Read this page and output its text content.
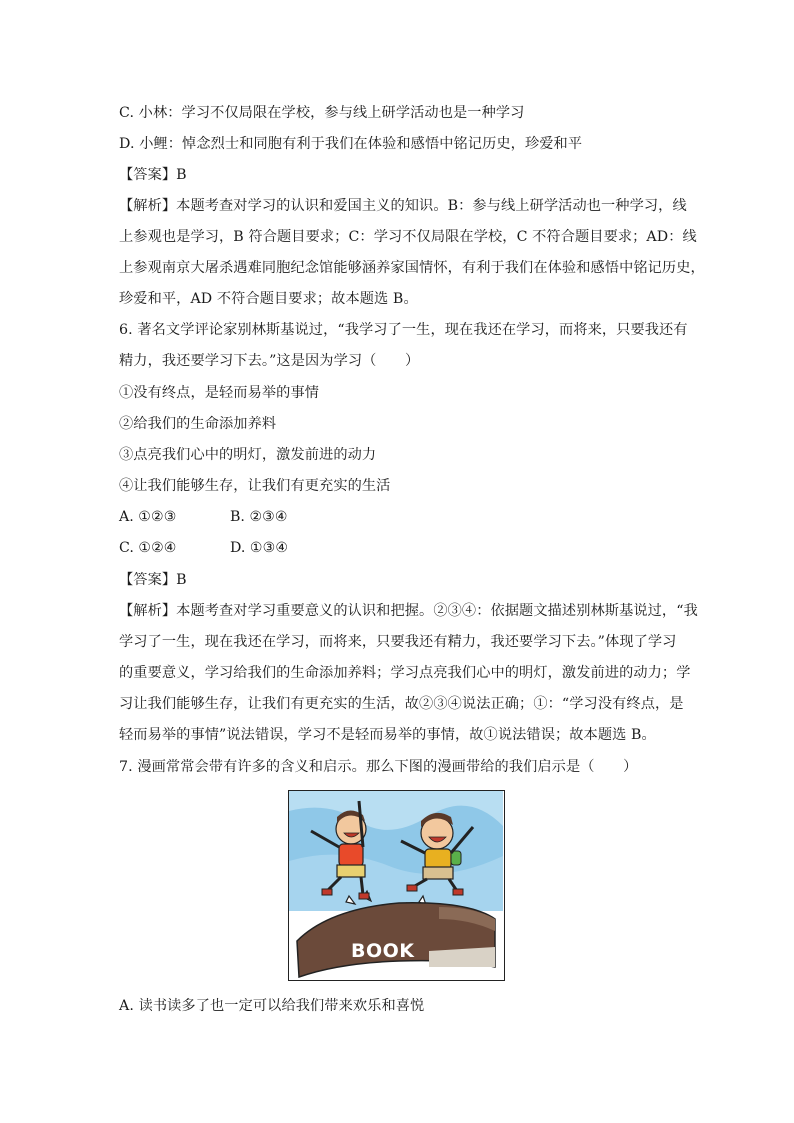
C. 小林：学习不仅局限在学校，参与线上研学活动也是一种学习
D. 小鲤：悼念烈士和同胞有利于我们在体验和感悟中铭记历史，珍爱和平
【答案】B
【解析】本题考查对学习的认识和爱国主义的知识。B：参与线上研学活动也一种学习，线
上参观也是学习，B 符合题目要求；C：学习不仅局限在学校，C 不符合题目要求；AD：线
上参观南京大屠杀遇难同胞纪念馆能够涵养家国情怀，有利于我们在体验和感悟中铭记历史，
珍爱和平，AD 不符合题目要求；故本题选 B。
6. 著名文学评论家别林斯基说过，“我学习了一生，现在我还在学习，而将来，只要我还有
精力，我还要学习下去。”这是因为学习（　　）
①没有终点，是轻而易举的事情
②给我们的生命添加养料
③点亮我们心中的明灯，激发前进的动力
④让我们能够生存，让我们有更充实的生活
A. ①②③	B. ②③④
C. ①②④	D. ①③④
【答案】B
【解析】本题考查对学习重要意义的认识和把握。②③④：依据题文描述别林斯基说过，“我
学习了一生，现在我还在学习，而将来，只要我还有精力，我还要学习下去。”体现了学习
的重要意义，学习给我们的生命添加养料；学习点亮我们心中的明灯，激发前进的动力；学
习让我们能够生存，让我们有更充实的生活，故②③④说法正确；①：“学习没有终点，是
轻而易举的事情”说法错误，学习不是轻而易举的事情，故①说法错误；故本题选 B。
7. 漫画常常会带有许多的含义和启示。那么下图的漫画带给的我们启示是（　　）
BOOK
A. 读书读多了也一定可以给我们带来欢乐和喜悦
